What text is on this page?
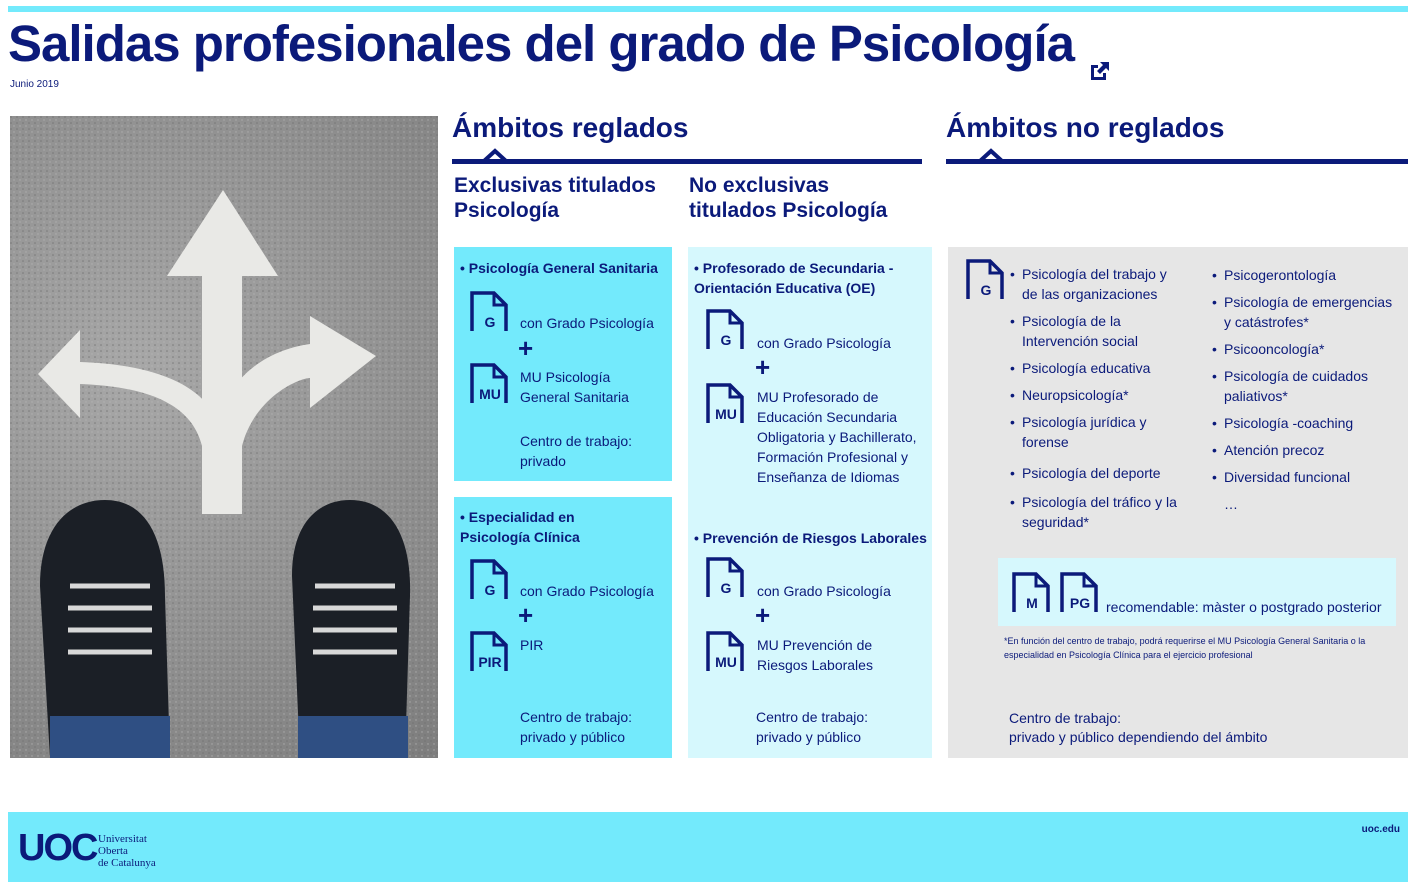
Salidas profesionales del grado de Psicología
Junio 2019
Ámbitos reglados	Ámbitos no reglados
Exclusivas titulados Psicología
No exclusivas titulados Psicología
• Psicología General Sanitaria
G	con Grado Psicología
+
MU
MU Psicología General Sanitaria
Centro de trabajo: privado
• Especialidad en Psicología Clínica
G	con Grado Psicología
+
PIR
PIR
Centro de trabajo: privado y público
• Profesorado de Secundaria - Orientación Educativa (OE)
G	con Grado Psicología
+
MU
MU Profesorado de Educación Secundaria Obligatoria y Bachillerato, Formación Profesional y Enseñanza de Idiomas
• Prevención de Riesgos Laborales
G	con Grado Psicología
+
MU
MU Prevención de Riesgos Laborales
Centro de trabajo: privado y público
G
• Psicología del trabajo y de las organizaciones
• Psicología de la Intervención social
• Psicología educativa
• Neuropsicología*
• Psicología jurídica y forense
• Psicología del deporte
• Psicología del tráfico y la seguridad*
• Psicogerontología
• Psicología de emergencias y catástrofes*
• Psicooncología*
• Psicología de cuidados paliativos*
• Psicología -coaching
• Atención precoz
• Diversidad funcional
…
M	PG	recomendable: màster o postgrado posterior
*En función del centro de trabajo, podrá requerirse el MU Psicología General Sanitaria o la especialidad en Psicología Clínica para el ejercicio profesional
Centro de trabajo:
privado y público dependiendo del ámbito
UOC Universitat
Oberta
de Catalunya
uoc.edu
